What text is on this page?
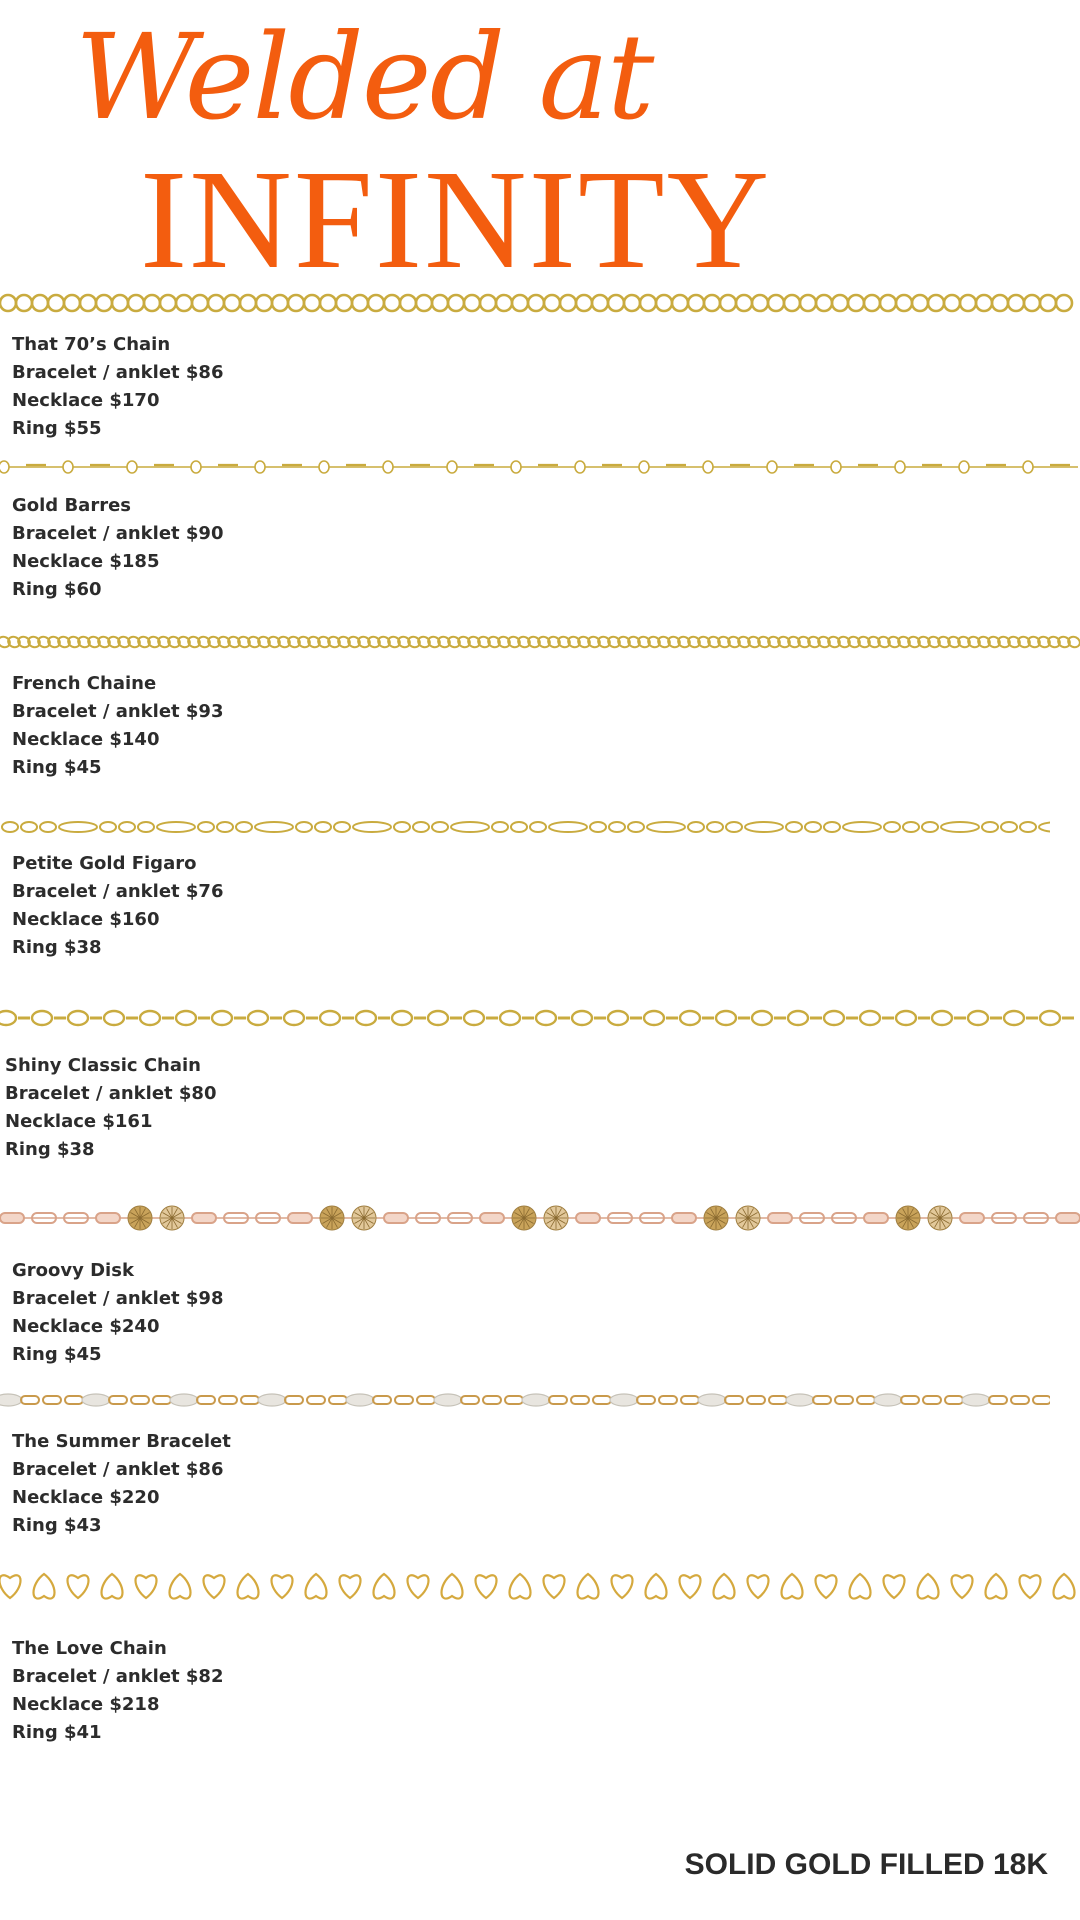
Welded at
INFINITY
That 70’s Chain
Bracelet / anklet $86
Necklace $170
Ring $55
Gold Barres
Bracelet / anklet $90
Necklace $185
Ring $60
French Chaine
Bracelet / anklet $93
Necklace $140
Ring $45
Petite Gold Figaro
Bracelet / anklet $76
Necklace $160
Ring $38
Shiny Classic Chain
Bracelet / anklet $80
Necklace $161
Ring $38
Groovy Disk
Bracelet / anklet $98
Necklace $240
Ring $45
The Summer Bracelet
Bracelet / anklet $86
Necklace $220
Ring $43
The Love Chain
Bracelet / anklet $82
Necklace $218
Ring $41

SOLID GOLD FILLED 18K
